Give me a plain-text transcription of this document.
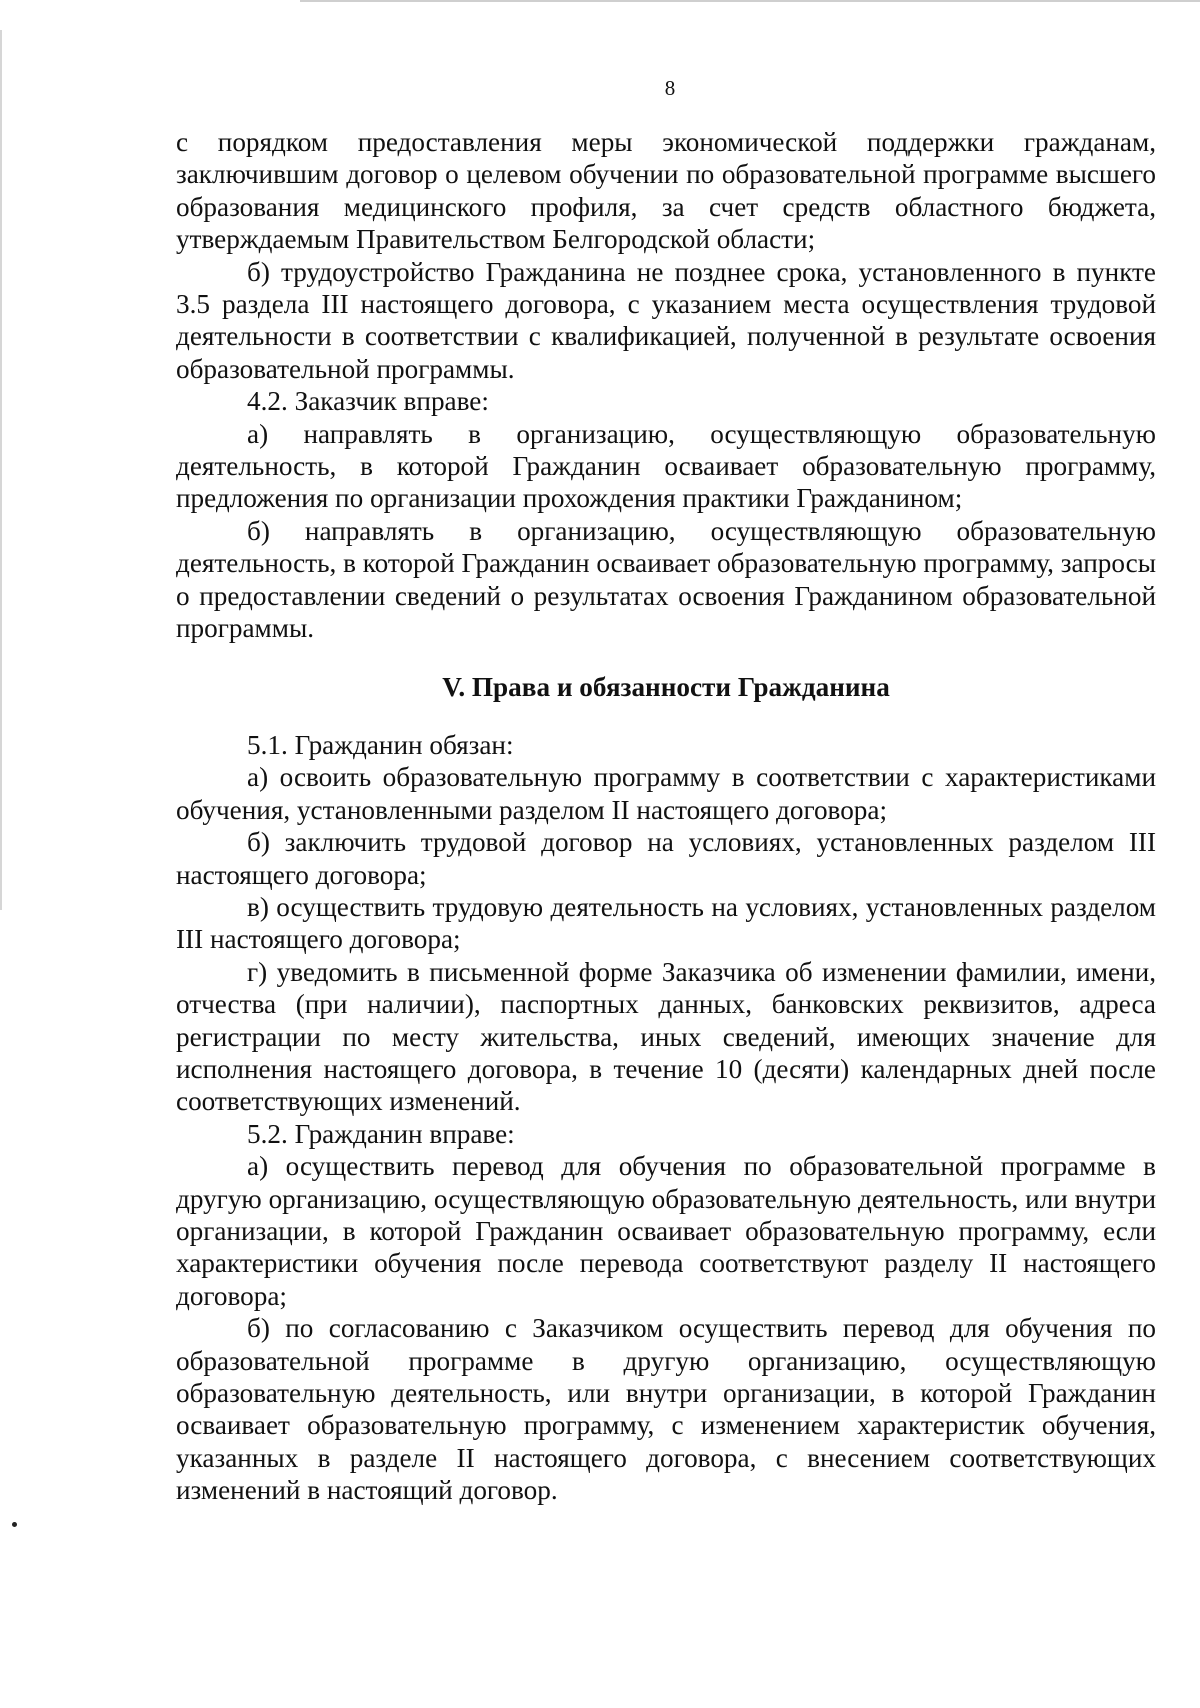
8

с порядком предоставления меры экономической поддержки гражданам, заключившим договор о целевом обучении по образовательной программе высшего образования медицинского профиля, за счет средств областного бюджета, утверждаемым Правительством Белгородской области;

б) трудоустройство Гражданина не позднее срока, установленного в пункте 3.5 раздела III настоящего договора, с указанием места осуществления трудовой деятельности в соответствии с квалификацией, полученной в результате освоения образовательной программы.

4.2. Заказчик вправе:

а) направлять в организацию, осуществляющую образовательную деятельность, в которой Гражданин осваивает образовательную программу, предложения по организации прохождения практики Гражданином;

б) направлять в организацию, осуществляющую образовательную деятельность, в которой Гражданин осваивает образовательную программу, запросы о предоставлении сведений о результатах освоения Гражданином образовательной программы.

V. Права и обязанности Гражданина

5.1. Гражданин обязан:

а) освоить образовательную программу в соответствии с характеристиками обучения, установленными разделом II настоящего договора;

б) заключить трудовой договор на условиях, установленных разделом III настоящего договора;

в) осуществить трудовую деятельность на условиях, установленных разделом III настоящего договора;

г) уведомить в письменной форме Заказчика об изменении фамилии, имени, отчества (при наличии), паспортных данных, банковских реквизитов, адреса регистрации по месту жительства, иных сведений, имеющих значение для исполнения настоящего договора, в течение 10 (десяти) календарных дней после соответствующих изменений.

5.2. Гражданин вправе:

а) осуществить перевод для обучения по образовательной программе в другую организацию, осуществляющую образовательную деятельность, или внутри организации, в которой Гражданин осваивает образовательную программу, если характеристики обучения после перевода соответствуют разделу II настоящего договора;

б) по согласованию с Заказчиком осуществить перевод для обучения по образовательной программе в другую организацию, осуществляющую образовательную деятельность, или внутри организации, в которой Гражданин осваивает образовательную программу, с изменением характеристик обучения, указанных в разделе II настоящего договора, с внесением соответствующих изменений в настоящий договор.
